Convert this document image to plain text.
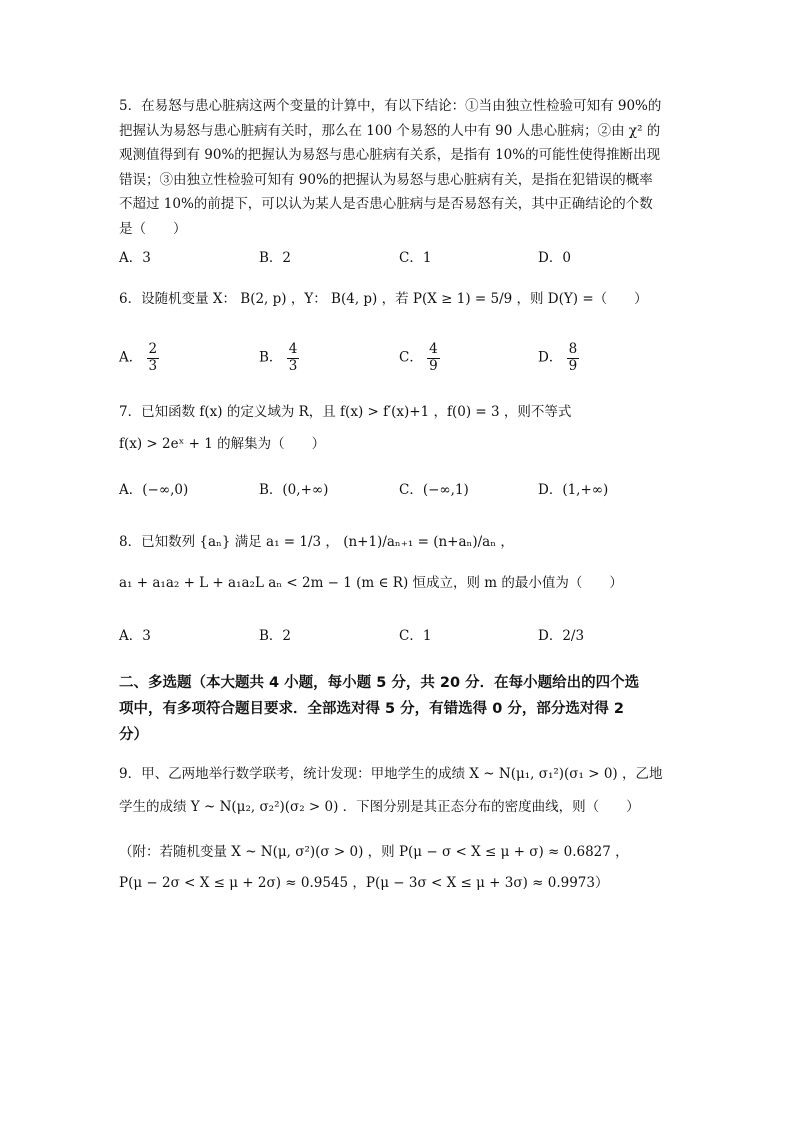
5．在易怒与患心脏病这两个变量的计算中，有以下结论：①当由独立性检验可知有 90%的

把握认为易怒与患心脏病有关时，那么在 100 个易怒的人中有 90 人患心脏病；②由 χ² 的

观测值得到有 90%的把握认为易怒与患心脏病有关系，是指有 10%的可能性使得推断出现

错误；③由独立性检验可知有 90%的把握认为易怒与患心脏病有关，是指在犯错误的概率

不超过 10%的前提下，可以认为某人是否患心脏病与是否易怒有关，其中正确结论的个数

是（　　）

A．3	B．2	C．1	D．0
6．设随机变量 X： B(2, p) ，Y： B(4, p) ，若 P(X ≥ 1) = 5/9 ，则 D(Y) =（　　）
A． $\frac{2}{3}$	B． $\frac{4}{3}$	C． $\frac{4}{9}$	D． $\frac{8}{9}$
7．已知函数 f(x) 的定义域为 R，且 f(x) > f′(x)+1 ，f(0) = 3 ，则不等式
f(x) > 2eˣ + 1 的解集为（　　）
A．(−∞,0)	B．(0,+∞)	C．(−∞,1)	D．(1,+∞)
8．已知数列 {aₙ} 满足 a₁ = 1/3 ， (n+1)/aₙ₊₁ = (n+aₙ)/aₙ ，
a₁ + a₁a₂ + L + a₁a₂L aₙ < 2m − 1 (m ∈ R) 恒成立，则 m 的最小值为（　　）
A．3	B．2	C．1	D．2/3
二、多选题（本大题共 4 小题，每小题 5 分，共 20 分．在每小题给出的四个选
项中，有多项符合题目要求．全部选对得 5 分，有错选得 0 分，部分选对得 2
分）
9．甲、乙两地举行数学联考，统计发现：甲地学生的成绩 X ~ N(μ₁, σ₁²)(σ₁ > 0) ，乙地
学生的成绩 Y ~ N(μ₂, σ₂²)(σ₂ > 0) ．下图分别是其正态分布的密度曲线，则（　　）
（附：若随机变量 X ~ N(μ, σ²)(σ > 0) ，则 P(μ − σ < X ≤ μ + σ) ≈ 0.6827 ，
P(μ − 2σ < X ≤ μ + 2σ) ≈ 0.9545 ，P(μ − 3σ < X ≤ μ + 3σ) ≈ 0.9973）
